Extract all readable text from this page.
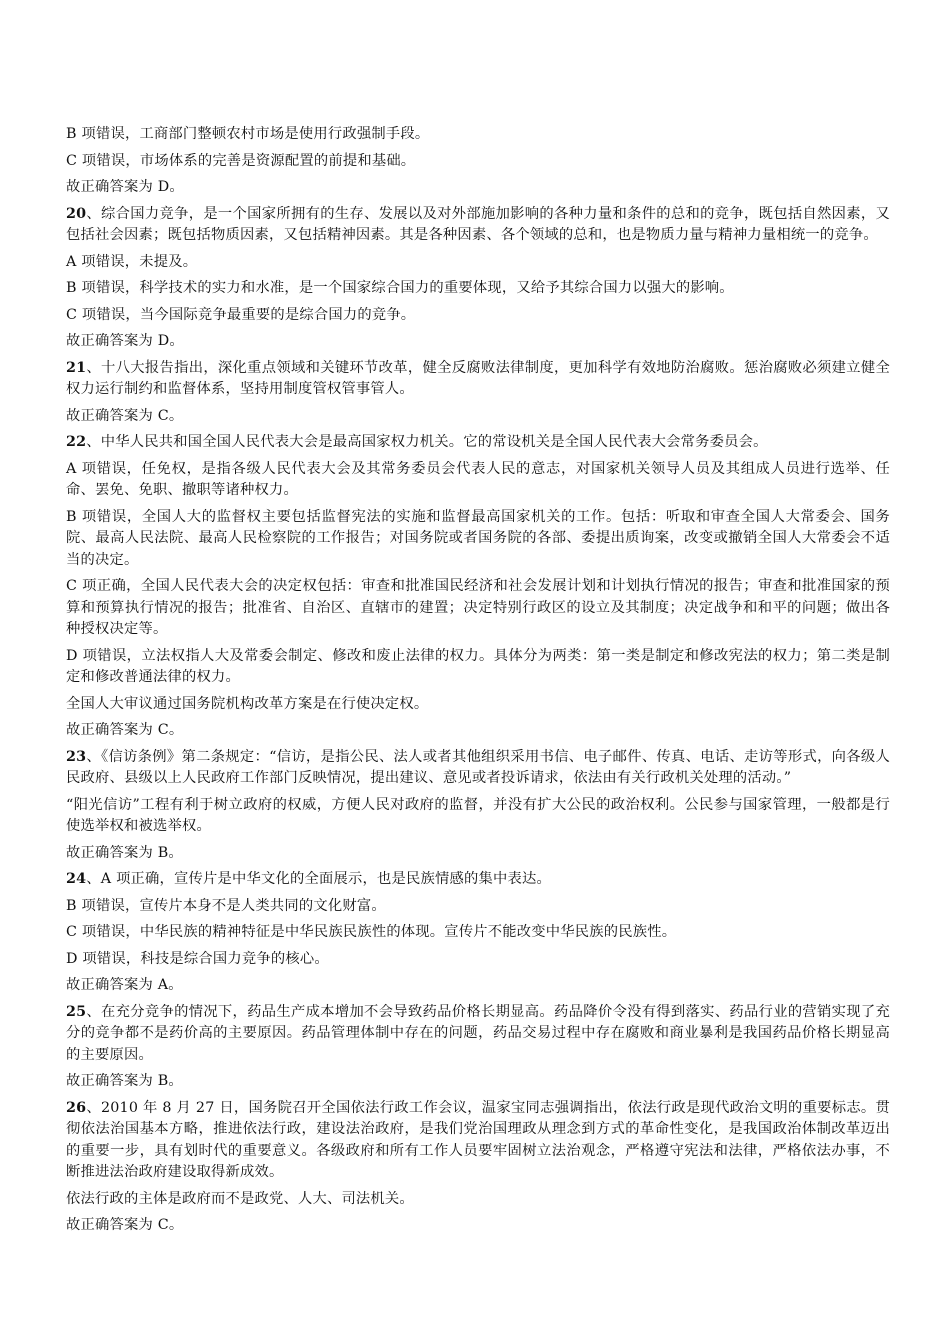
B 项错误，工商部门整顿农村市场是使用行政强制手段。
C 项错误，市场体系的完善是资源配置的前提和基础。
故正确答案为 D。
20、综合国力竞争，是一个国家所拥有的生存、发展以及对外部施加影响的各种力量和条件的总和的竞争，既包括自然因素，又包括社会因素；既包括物质因素，又包括精神因素。其是各种因素、各个领域的总和，也是物质力量与精神力量相统一的竞争。
A 项错误，未提及。
B 项错误，科学技术的实力和水准，是一个国家综合国力的重要体现，又给予其综合国力以强大的影响。
C 项错误，当今国际竞争最重要的是综合国力的竞争。
故正确答案为 D。
21、十八大报告指出，深化重点领域和关键环节改革，健全反腐败法律制度，更加科学有效地防治腐败。惩治腐败必须建立健全权力运行制约和监督体系，坚持用制度管权管事管人。
故正确答案为 C。
22、中华人民共和国全国人民代表大会是最高国家权力机关。它的常设机关是全国人民代表大会常务委员会。
A 项错误，任免权，是指各级人民代表大会及其常务委员会代表人民的意志，对国家机关领导人员及其组成人员进行选举、任命、罢免、免职、撤职等诸种权力。
B 项错误，全国人大的监督权主要包括监督宪法的实施和监督最高国家机关的工作。包括：听取和审查全国人大常委会、国务院、最高人民法院、最高人民检察院的工作报告；对国务院或者国务院的各部、委提出质询案，改变或撤销全国人大常委会不适当的决定。
C 项正确，全国人民代表大会的决定权包括：审查和批准国民经济和社会发展计划和计划执行情况的报告；审查和批准国家的预算和预算执行情况的报告；批准省、自治区、直辖市的建置；决定特别行政区的设立及其制度；决定战争和和平的问题；做出各种授权决定等。
D 项错误，立法权指人大及常委会制定、修改和废止法律的权力。具体分为两类：第一类是制定和修改宪法的权力；第二类是制定和修改普通法律的权力。
全国人大审议通过国务院机构改革方案是在行使决定权。
故正确答案为 C。
23、《信访条例》第二条规定：“信访，是指公民、法人或者其他组织采用书信、电子邮件、传真、电话、走访等形式，向各级人民政府、县级以上人民政府工作部门反映情况，提出建议、意见或者投诉请求，依法由有关行政机关处理的活动。”
“阳光信访”工程有利于树立政府的权威，方便人民对政府的监督，并没有扩大公民的政治权利。公民参与国家管理，一般都是行使选举权和被选举权。
故正确答案为 B。
24、A 项正确，宣传片是中华文化的全面展示，也是民族情感的集中表达。
B 项错误，宣传片本身不是人类共同的文化财富。
C 项错误，中华民族的精神特征是中华民族民族性的体现。宣传片不能改变中华民族的民族性。
D 项错误，科技是综合国力竞争的核心。
故正确答案为 A。
25、在充分竞争的情况下，药品生产成本增加不会导致药品价格长期显高。药品降价令没有得到落实、药品行业的营销实现了充分的竞争都不是药价高的主要原因。药品管理体制中存在的问题，药品交易过程中存在腐败和商业暴利是我国药品价格长期显高的主要原因。
故正确答案为 B。
26、2010 年 8 月 27 日，国务院召开全国依法行政工作会议，温家宝同志强调指出，依法行政是现代政治文明的重要标志。贯彻依法治国基本方略，推进依法行政，建设法治政府，是我们党治国理政从理念到方式的革命性变化，是我国政治体制改革迈出的重要一步，具有划时代的重要意义。各级政府和所有工作人员要牢固树立法治观念，严格遵守宪法和法律，严格依法办事，不断推进法治政府建设取得新成效。
依法行政的主体是政府而不是政党、人大、司法机关。
故正确答案为 C。
